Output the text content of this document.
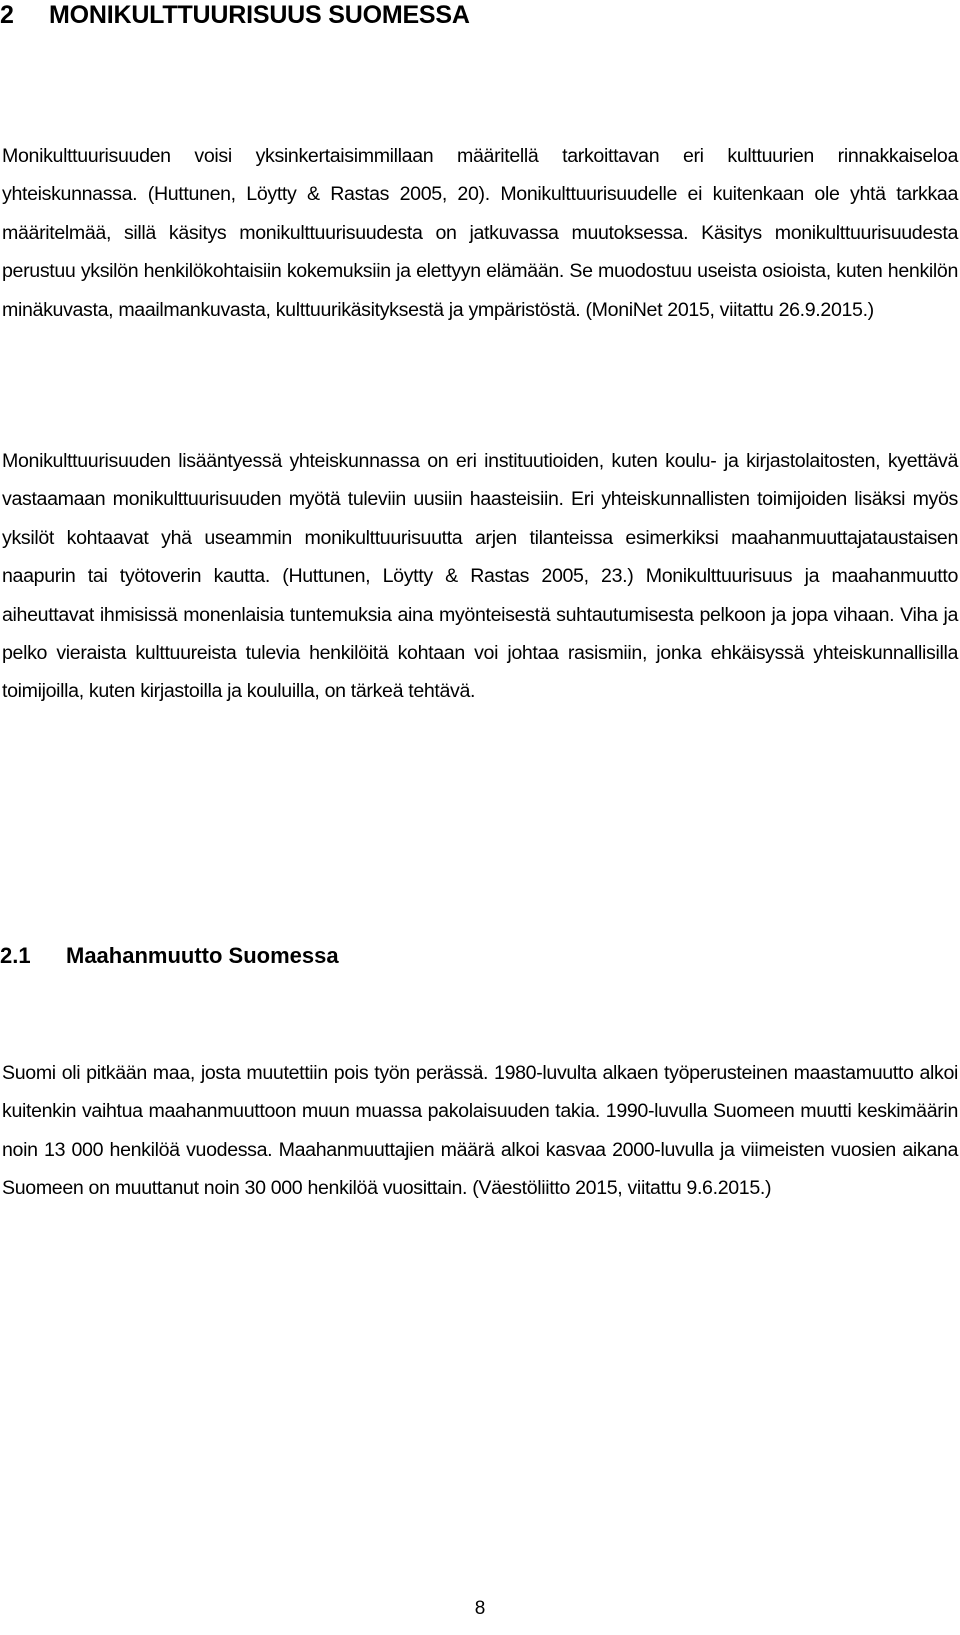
2 MONIKULTTUURISUUS SUOMESSA

Monikulttuurisuuden voisi yksinkertaisimmillaan määritellä tarkoittavan eri kulttuurien rinnakkaiseloa yhteiskunnassa. (Huttunen, Löytty & Rastas 2005, 20). Monikulttuurisuudelle ei kuitenkaan ole yhtä tarkkaa määritelmää, sillä käsitys monikulttuurisuudesta on jatkuvassa muutoksessa. Käsitys monikulttuurisuudesta perustuu yksilön henkilökohtaisiin kokemuksiin ja elettyyn elämään. Se muodostuu useista osioista, kuten henkilön minäkuvasta, maailmankuvasta, kulttuurikäsityksestä ja ympäristöstä. (MoniNet 2015, viitattu 26.9.2015.)

Monikulttuurisuuden lisääntyessä yhteiskunnassa on eri instituutioiden, kuten koulu- ja kirjastolaitosten, kyettävä vastaamaan monikulttuurisuuden myötä tuleviin uusiin haasteisiin. Eri yhteiskunnallisten toimijoiden lisäksi myös yksilöt kohtaavat yhä useammin monikulttuurisuutta arjen tilanteissa esimerkiksi maahanmuuttajataustaisen naapurin tai työtoverin kautta. (Huttunen, Löytty & Rastas 2005, 23.) Monikulttuurisuus ja maahanmuutto aiheuttavat ihmisissä monenlaisia tuntemuksia aina myönteisestä suhtautumisesta pelkoon ja jopa vihaan. Viha ja pelko vieraista kulttuureista tulevia henkilöitä kohtaan voi johtaa rasismiin, jonka ehkäisyssä yhteiskunnallisilla toimijoilla, kuten kirjastoilla ja kouluilla, on tärkeä tehtävä.

2.1 Maahanmuutto Suomessa

Suomi oli pitkään maa, josta muutettiin pois työn perässä. 1980-luvulta alkaen työperusteinen maastamuutto alkoi kuitenkin vaihtua maahanmuuttoon muun muassa pakolaisuuden takia. 1990-luvulla Suomeen muutti keskimäärin noin 13 000 henkilöä vuodessa. Maahanmuuttajien määrä alkoi kasvaa 2000-luvulla ja viimeisten vuosien aikana Suomeen on muuttanut noin 30 000 henkilöä vuosittain. (Väestöliitto 2015, viitattu 9.6.2015.)

8
